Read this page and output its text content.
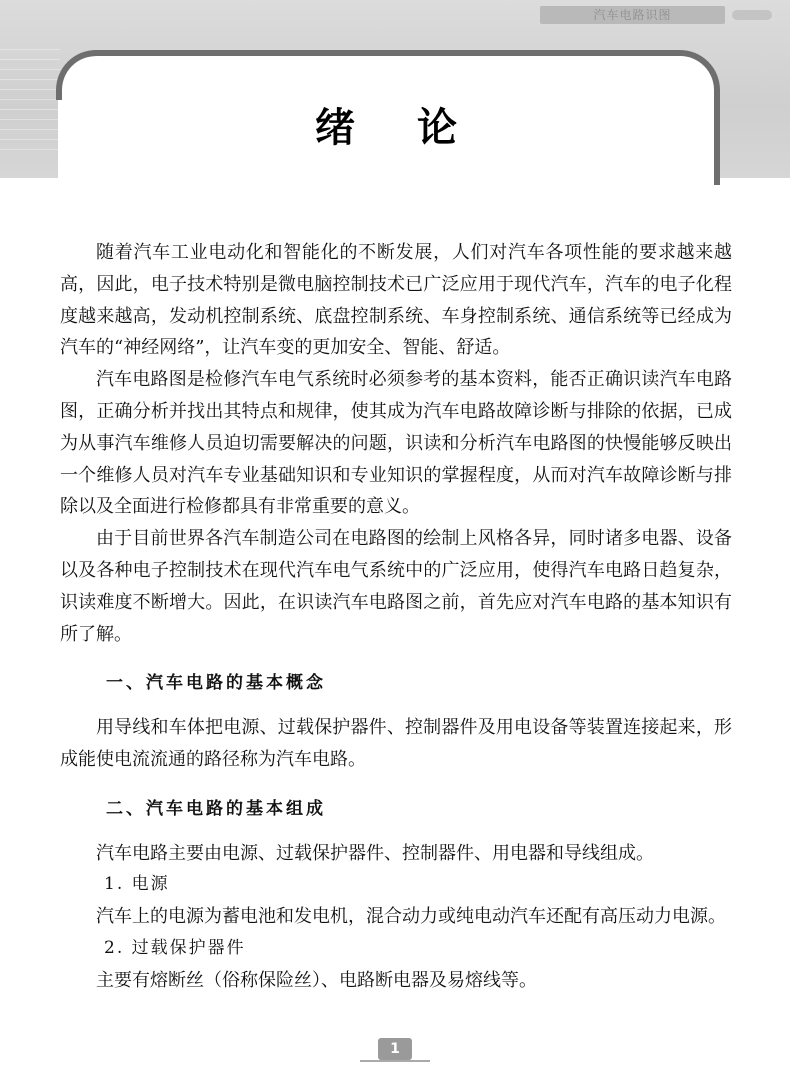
汽车电路识图
绪论

随着汽车工业电动化和智能化的不断发展，人们对汽车各项性能的要求越来越高，因此，电子技术特别是微电脑控制技术已广泛应用于现代汽车，汽车的电子化程度越来越高，发动机控制系统、底盘控制系统、车身控制系统、通信系统等已经成为汽车的“神经网络”，让汽车变的更加安全、智能、舒适。

汽车电路图是检修汽车电气系统时必须参考的基本资料，能否正确识读汽车电路图，正确分析并找出其特点和规律，使其成为汽车电路故障诊断与排除的依据，已成为从事汽车维修人员迫切需要解决的问题，识读和分析汽车电路图的快慢能够反映出一个维修人员对汽车专业基础知识和专业知识的掌握程度，从而对汽车故障诊断与排除以及全面进行检修都具有非常重要的意义。

由于目前世界各汽车制造公司在电路图的绘制上风格各异，同时诸多电器、设备以及各种电子控制技术在现代汽车电气系统中的广泛应用，使得汽车电路日趋复杂，识读难度不断增大。因此，在识读汽车电路图之前，首先应对汽车电路的基本知识有所了解。

一、汽车电路的基本概念

用导线和车体把电源、过载保护器件、控制器件及用电设备等装置连接起来，形成能使电流流通的路径称为汽车电路。

二、汽车电路的基本组成

汽车电路主要由电源、过载保护器件、控制器件、用电器和导线组成。

1. 电源

汽车上的电源为蓄电池和发电机，混合动力或纯电动汽车还配有高压动力电源。

2. 过载保护器件

主要有熔断丝（俗称保险丝）、电路断电器及易熔线等。

1
